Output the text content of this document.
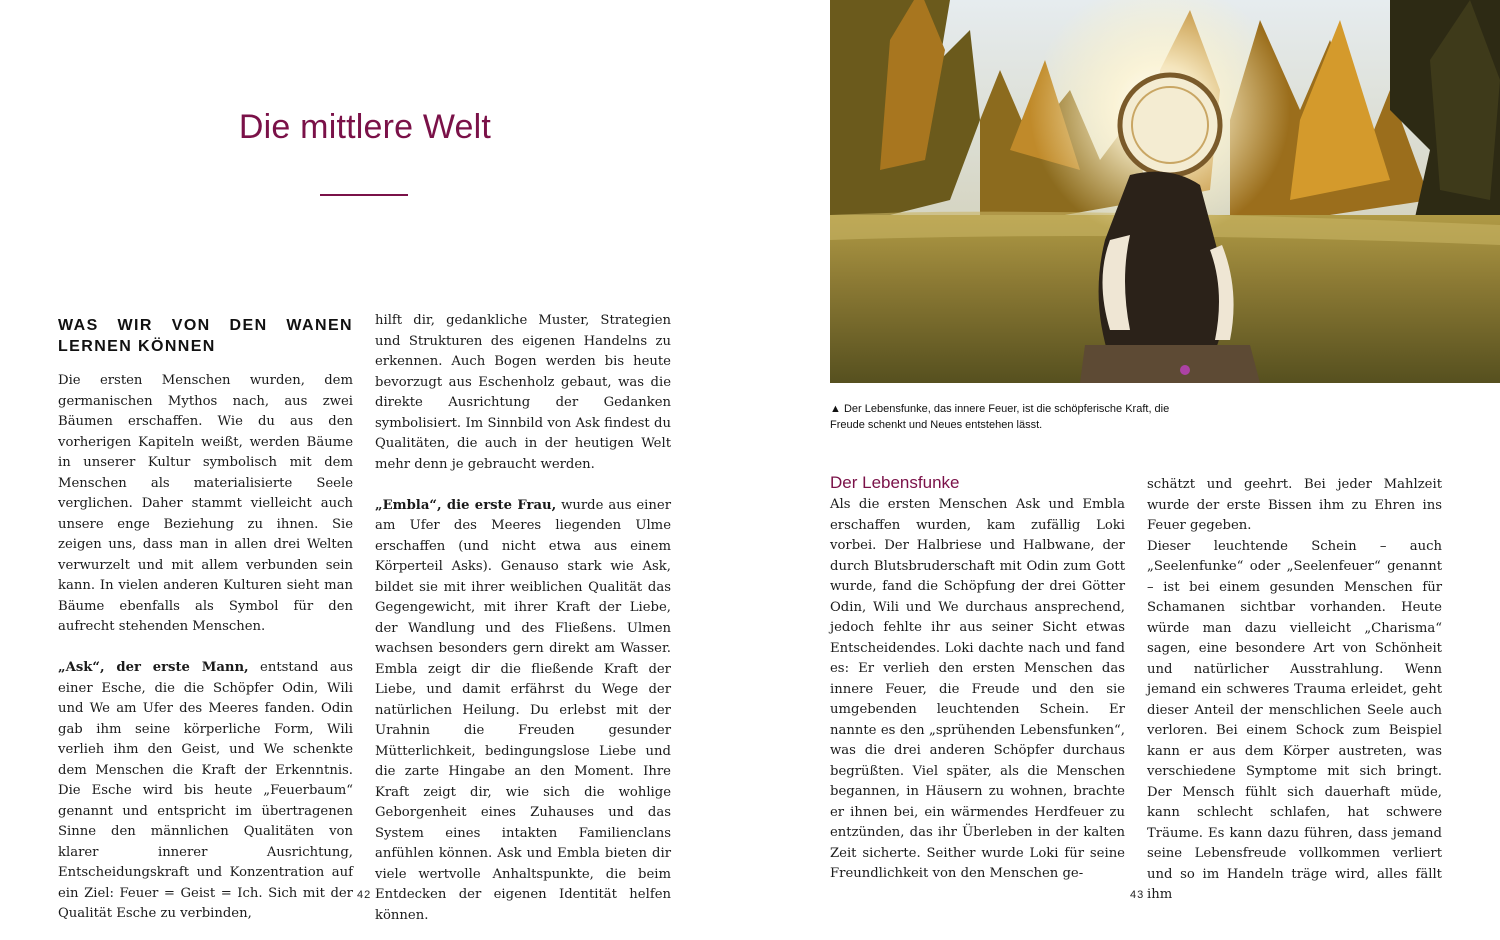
Die mittlere Welt
WAS WIR VON DEN WANEN LERNEN KÖNNEN

Die ersten Menschen wurden, dem germanischen Mythos nach, aus zwei Bäumen erschaffen. Wie du aus den vorherigen Kapiteln weißt, werden Bäume in unserer Kultur symbolisch mit dem Menschen als materialisierte Seele verglichen. Daher stammt vielleicht auch unsere enge Beziehung zu ihnen. Sie zeigen uns, dass man in allen drei Welten verwurzelt und mit allem verbunden sein kann. In vielen anderen Kulturen sieht man Bäume ebenfalls als Symbol für den aufrecht stehenden Menschen.

„Ask“, der erste Mann, entstand aus einer Esche, die die Schöpfer Odin, Wili und We am Ufer des Meeres fanden. Odin gab ihm seine körperliche Form, Wili verlieh ihm den Geist, und We schenkte dem Menschen die Kraft der Erkenntnis. Die Esche wird bis heute „Feuerbaum“ genannt und entspricht im übertragenen Sinne den männlichen Qualitäten von klarer innerer Ausrichtung, Entscheidungskraft und Konzentration auf ein Ziel: Feuer = Geist = Ich. Sich mit der Qualität Esche zu verbinden,

hilft dir, gedankliche Muster, Strategien und Strukturen des eigenen Handelns zu erkennen. Auch Bogen werden bis heute bevorzugt aus Eschenholz gebaut, was die direkte Ausrichtung der Gedanken symbolisiert. Im Sinnbild von Ask findest du Qualitäten, die auch in der heutigen Welt mehr denn je gebraucht werden.

„Embla“, die erste Frau, wurde aus einer am Ufer des Meeres liegenden Ulme erschaffen (und nicht etwa aus einem Körperteil Asks). Genauso stark wie Ask, bildet sie mit ihrer weiblichen Qualität das Gegengewicht, mit ihrer Kraft der Liebe, der Wandlung und des Fließens. Ulmen wachsen besonders gern direkt am Wasser. Embla zeigt dir die fließende Kraft der Liebe, und damit erfährst du Wege der natürlichen Heilung. Du erlebst mit der Urahnin die Freuden gesunder Mütterlichkeit, bedingungslose Liebe und die zarte Hingabe an den Moment. Ihre Kraft zeigt dir, wie sich die wohlige Geborgenheit eines Zuhauses und das System eines intakten Familienclans anfühlen können. Ask und Embla bieten dir viele wertvolle Anhaltspunkte, die beim Entdecken der eigenen Identität helfen können.

42
▲ Der Lebensfunke, das innere Feuer, ist die schöpferische Kraft, die Freude schenkt und Neues entstehen lässt.
Der Lebensfunke

Als die ersten Menschen Ask und Embla erschaffen wurden, kam zufällig Loki vorbei. Der Halbriese und Halbwane, der durch Blutsbruderschaft mit Odin zum Gott wurde, fand die Schöpfung der drei Götter Odin, Wili und We durchaus ansprechend, jedoch fehlte ihr aus seiner Sicht etwas Entscheidendes. Loki dachte nach und fand es: Er verlieh den ersten Menschen das innere Feuer, die Freude und den sie umgebenden leuchtenden Schein. Er nannte es den „sprühenden Lebensfunken“, was die drei anderen Schöpfer durchaus begrüßten. Viel später, als die Menschen begannen, in Häusern zu wohnen, brachte er ihnen bei, ein wärmendes Herdfeuer zu entzünden, das ihr Überleben in der kalten Zeit sicherte. Seither wurde Loki für seine Freundlichkeit von den Menschen ge-

schätzt und geehrt. Bei jeder Mahlzeit wurde der erste Bissen ihm zu Ehren ins Feuer gegeben.

Dieser leuchtende Schein – auch „Seelenfunke“ oder „Seelenfeuer“ genannt – ist bei einem gesunden Menschen für Schamanen sichtbar vorhanden. Heute würde man dazu vielleicht „Charisma“ sagen, eine besondere Art von Schönheit und natürlicher Ausstrahlung. Wenn jemand ein schweres Trauma erleidet, geht dieser Anteil der menschlichen Seele auch verloren. Bei einem Schock zum Beispiel kann er aus dem Körper austreten, was verschiedene Symptome mit sich bringt. Der Mensch fühlt sich dauerhaft müde, kann schlecht schlafen, hat schwere Träume. Es kann dazu führen, dass jemand seine Lebensfreude vollkommen verliert und so im Handeln träge wird, alles fällt ihm

43
